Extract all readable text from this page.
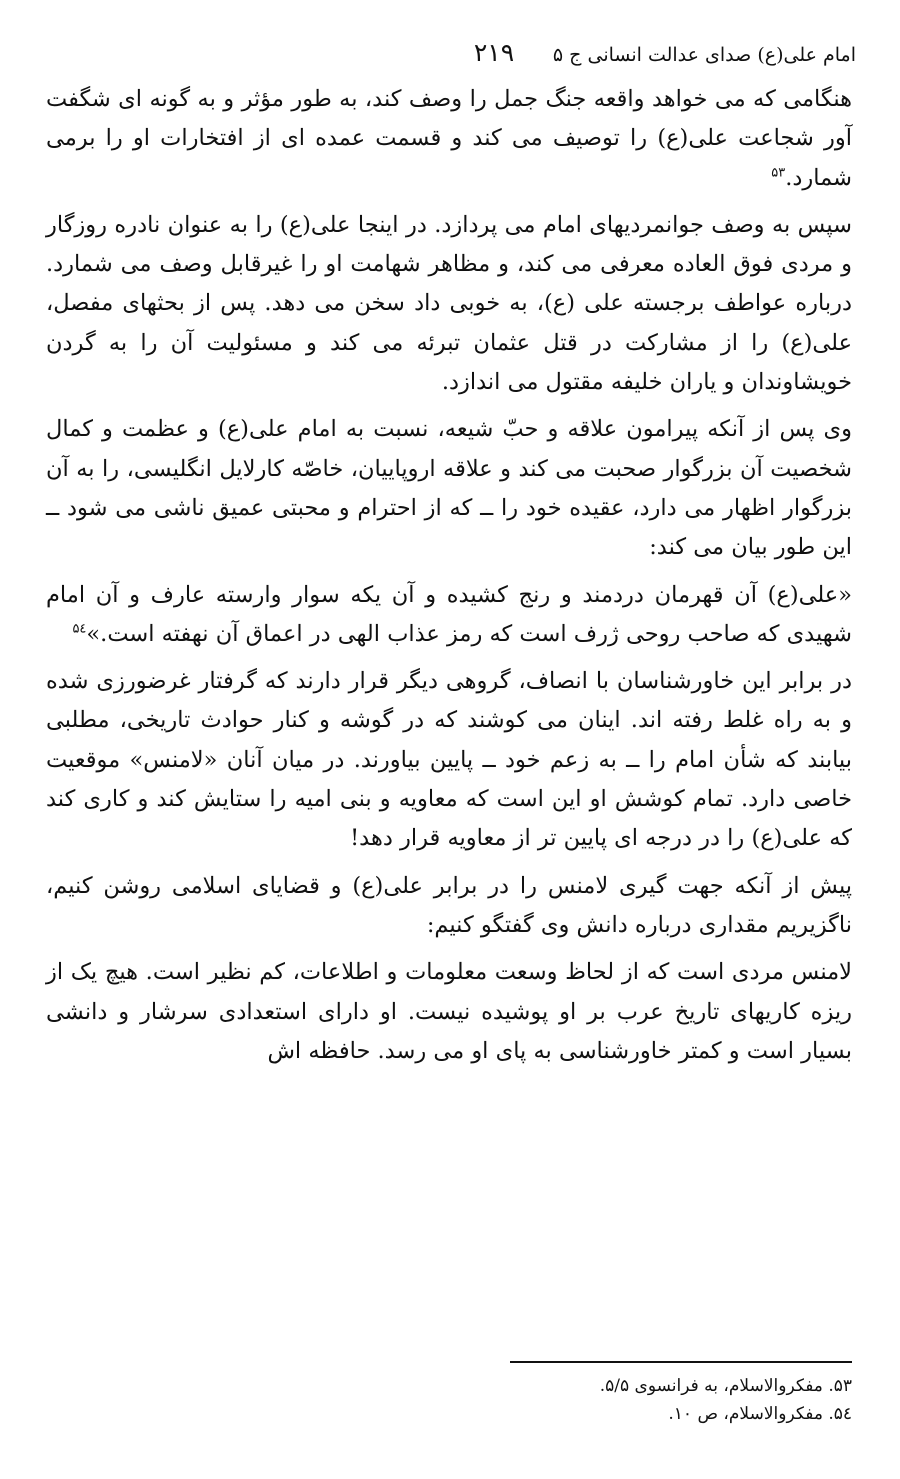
امام علی(ع) صدای عدالت انسانی ج ۵
۲۱۹

هنگامی که می خواهد واقعه جنگ جمل را وصف کند، به طور مؤثر و به گونه ای شگفت آور شجاعت علی(ع) را توصیف می کند و قسمت عمده ای از افتخارات او را برمی شمارد.$^{۵۳}$

سپس به وصف جوانمردیهای امام می پردازد. در اینجا علی(ع) را به عنوان نادره روزگار و مردی فوق العاده معرفی می کند، و مظاهر شهامت او را غیرقابل وصف می شمارد. درباره عواطف برجسته علی (ع)، به خوبی داد سخن می دهد. پس از بحثهای مفصل، علی(ع) را از مشارکت در قتل عثمان تبرئه می کند و مسئولیت آن را به گردن خویشاوندان و یاران خلیفه مقتول می اندازد.

وی پس از آنکه پیرامون علاقه و حبّ شیعه، نسبت به امام علی(ع) و عظمت و کمال شخصیت آن بزرگوار صحبت می کند و علاقه اروپاییان، خاصّه کارلایل انگلیسی، را به آن بزرگوار اظهار می دارد، عقیده خود را ــ که از احترام و محبتی عمیق ناشی می شود ــ این طور بیان می کند:

«علی(ع) آن قهرمان دردمند و رنج کشیده و آن یکه سوار وارسته عارف و آن امام شهیدی که صاحب روحی ژرف است که رمز عذاب الهی در اعماق آن نهفته است.»$^{۵٤}$

در برابر این خاورشناسان با انصاف، گروهی دیگر قرار دارند که گرفتار غرضورزی شده و به راه غلط رفته اند. اینان می کوشند که در گوشه و کنار حوادث تاریخی، مطلبی بیابند که شأن امام را ــ به زعم خود ــ پایین بیاورند. در میان آنان «لامنس» موقعیت خاصی دارد. تمام کوشش او این است که معاویه و بنی امیه را ستایش کند و کاری کند که علی(ع) را در درجه ای پایین تر از معاویه قرار دهد!

پیش از آنکه جهت گیری لامنس را در برابر علی(ع) و قضایای اسلامی روشن کنیم، ناگزیریم مقداری درباره دانش وی گفتگو کنیم:

لامنس مردی است که از لحاظ وسعت معلومات و اطلاعات، کم نظیر است. هیچ یک از ریزه کاریهای تاریخ عرب بر او پوشیده نیست. او دارای استعدادی سرشار و دانشی بسیار است و کمتر خاورشناسی به پای او می رسد. حافظه اش

۵۳. مفکروالاسلام، به فرانسوی ۵/۵.
۵٤. مفکروالاسلام، ص ۱۰.
